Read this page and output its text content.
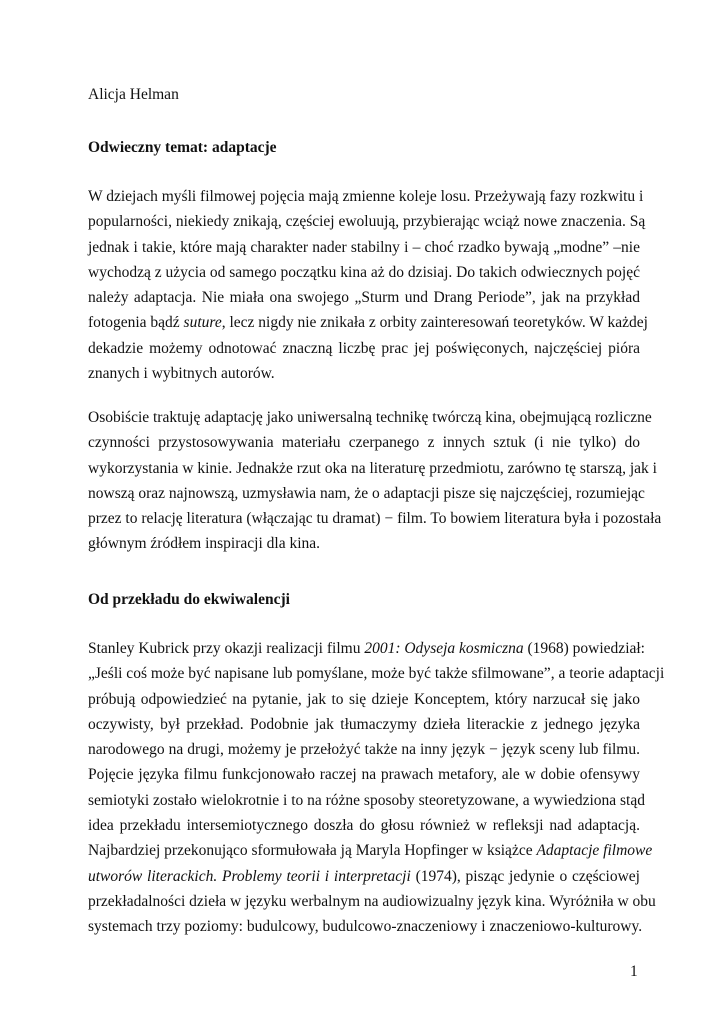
Alicja Helman
Odwieczny temat: adaptacje
W dziejach myśli filmowej pojęcia mają zmienne koleje losu. Przeżywają fazy rozkwitu i
popularności, niekiedy znikają, częściej ewoluują, przybierając wciąż nowe znaczenia. Są
jednak i takie, które mają charakter nader stabilny i – choć rzadko bywają „modne” –nie
wychodzą z użycia od samego początku kina aż do dzisiaj. Do takich odwiecznych pojęć
należy adaptacja. Nie miała ona swojego „Sturm und Drang Periode”, jak na przykład
fotogenia bądź suture, lecz nigdy nie znikała z orbity zainteresowań teoretyków. W każdej
dekadzie możemy odnotować znaczną liczbę prac jej poświęconych, najczęściej pióra
znanych i wybitnych autorów.
Osobiście traktuję adaptację jako uniwersalną technikę twórczą kina, obejmującą rozliczne
czynności przystosowywania materiału czerpanego z innych sztuk (i nie tylko) do
wykorzystania w kinie. Jednakże rzut oka na literaturę przedmiotu, zarówno tę starszą, jak i
nowszą oraz najnowszą, uzmysławia nam, że o adaptacji pisze się najczęściej, rozumiejąc
przez to relację literatura (włączając tu dramat) − film. To bowiem literatura była i pozostała
głównym źródłem inspiracji dla kina.
Od przekładu do ekwiwalencji
Stanley Kubrick przy okazji realizacji filmu 2001: Odyseja kosmiczna (1968) powiedział:
„Jeśli coś może być napisane lub pomyślane, może być także sfilmowane”, a teorie adaptacji
próbują odpowiedzieć na pytanie, jak to się dzieje Konceptem, który narzucał się jako
oczywisty, był przekład. Podobnie jak tłumaczymy dzieła literackie z jednego języka
narodowego na drugi, możemy je przełożyć także na inny język − język sceny lub filmu.
Pojęcie języka filmu funkcjonowało raczej na prawach metafory, ale w dobie ofensywy
semiotyki zostało wielokrotnie i to na różne sposoby steoretyzowane, a wywiedziona stąd
idea przekładu intersemiotycznego doszła do głosu również w refleksji nad adaptacją.
Najbardziej przekonująco sformułowała ją Maryla Hopfinger w książce Adaptacje filmowe
utworów literackich. Problemy teorii i interpretacji (1974), pisząc jedynie o częściowej
przekładalności dzieła w języku werbalnym na audiowizualny język kina. Wyróżniła w obu
systemach trzy poziomy: budulcowy, budulcowo-znaczeniowy i znaczeniowo-kulturowy.
1
